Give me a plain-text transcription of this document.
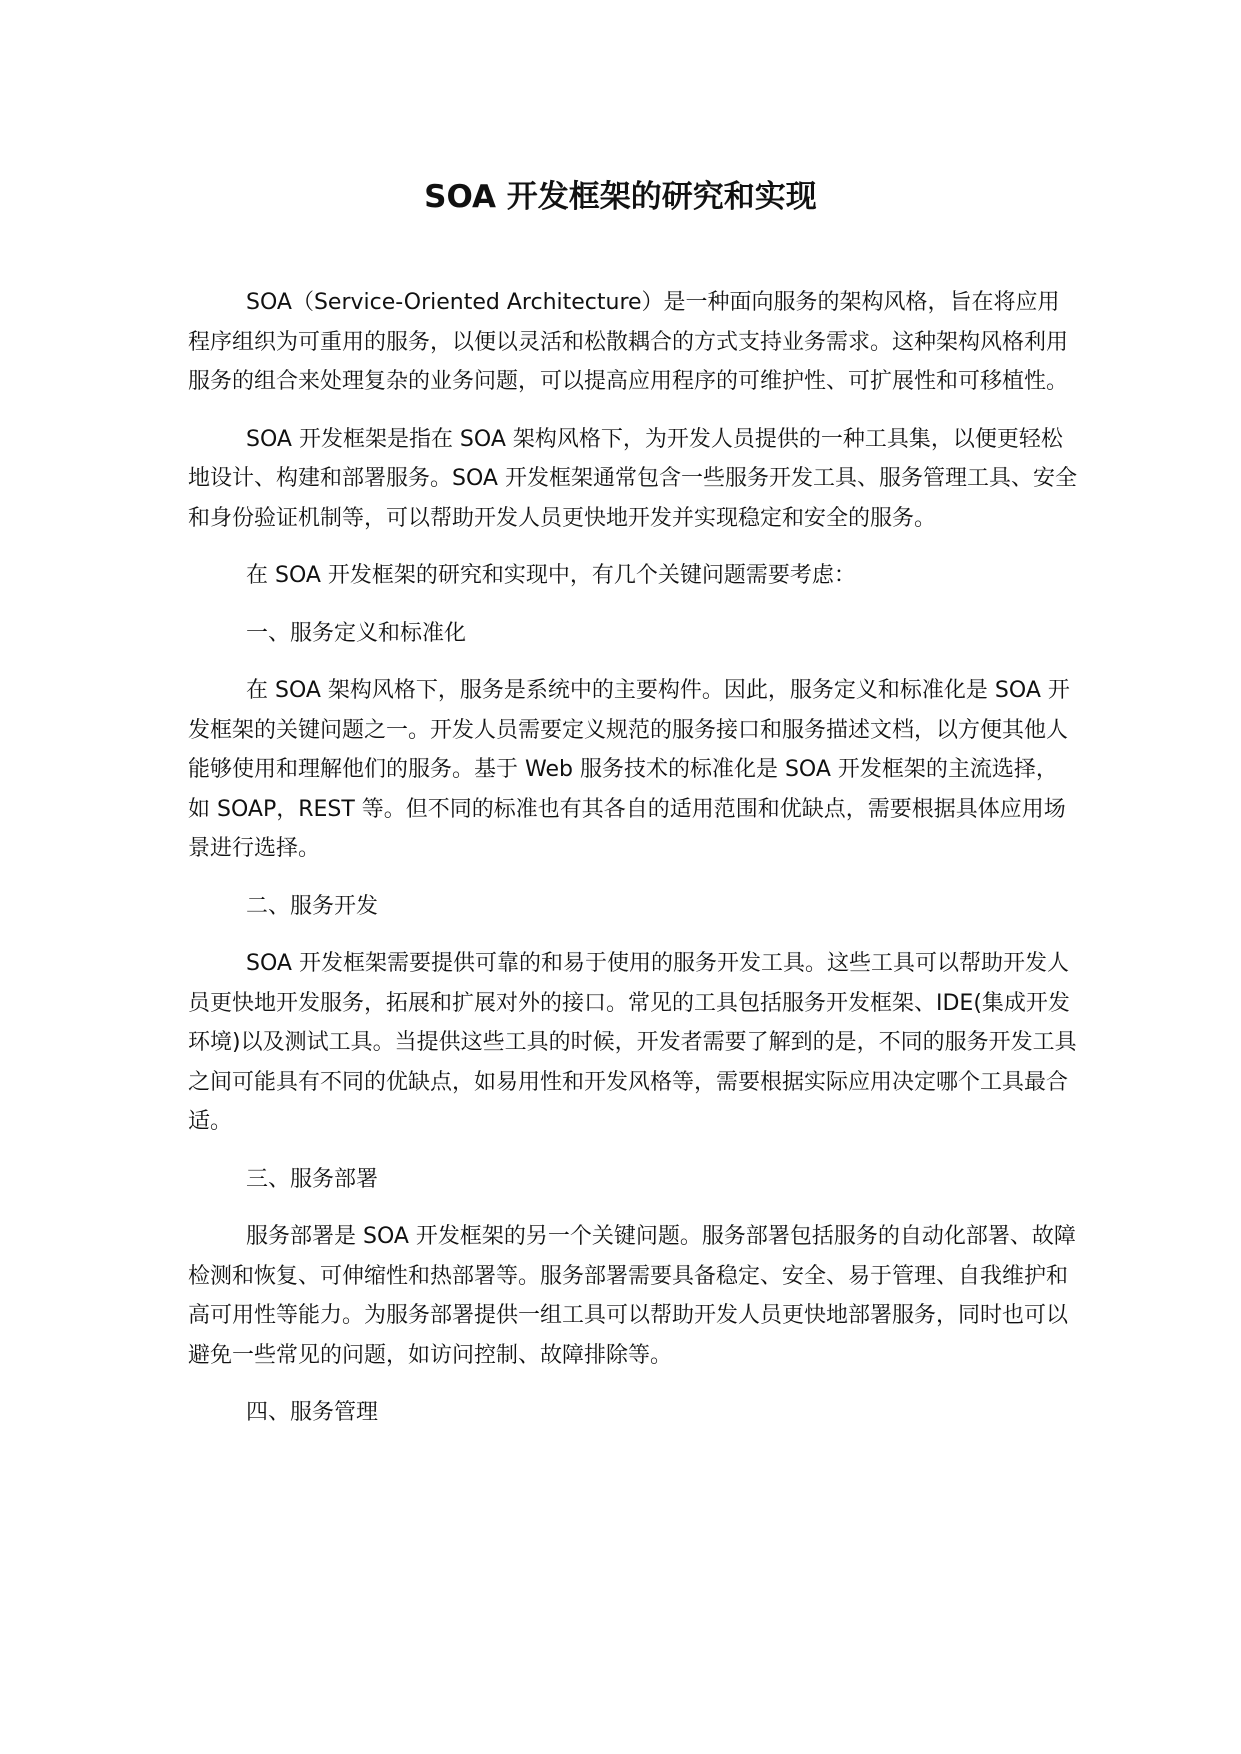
SOA 开发框架的研究和实现

SOA（Service-Oriented Architecture）是一种面向服务的架构风格，旨在将应用程序组织为可重用的服务，以便以灵活和松散耦合的方式支持业务需求。这种架构风格利用服务的组合来处理复杂的业务问题，可以提高应用程序的可维护性、可扩展性和可移植性。

SOA 开发框架是指在 SOA 架构风格下，为开发人员提供的一种工具集，以便更轻松地设计、构建和部署服务。SOA 开发框架通常包含一些服务开发工具、服务管理工具、安全和身份验证机制等，可以帮助开发人员更快地开发并实现稳定和安全的服务。

在 SOA 开发框架的研究和实现中，有几个关键问题需要考虑：

一、服务定义和标准化

在 SOA 架构风格下，服务是系统中的主要构件。因此，服务定义和标准化是 SOA 开发框架的关键问题之一。开发人员需要定义规范的服务接口和服务描述文档，以方便其他人能够使用和理解他们的服务。基于 Web 服务技术的标准化是 SOA 开发框架的主流选择，如 SOAP，REST 等。但不同的标准也有其各自的适用范围和优缺点，需要根据具体应用场景进行选择。

二、服务开发

SOA 开发框架需要提供可靠的和易于使用的服务开发工具。这些工具可以帮助开发人员更快地开发服务，拓展和扩展对外的接口。常见的工具包括服务开发框架、IDE(集成开发环境)以及测试工具。当提供这些工具的时候，开发者需要了解到的是，不同的服务开发工具之间可能具有不同的优缺点，如易用性和开发风格等，需要根据实际应用决定哪个工具最合适。

三、服务部署

服务部署是 SOA 开发框架的另一个关键问题。服务部署包括服务的自动化部署、故障检测和恢复、可伸缩性和热部署等。服务部署需要具备稳定、安全、易于管理、自我维护和高可用性等能力。为服务部署提供一组工具可以帮助开发人员更快地部署服务，同时也可以避免一些常见的问题，如访问控制、故障排除等。

四、服务管理
